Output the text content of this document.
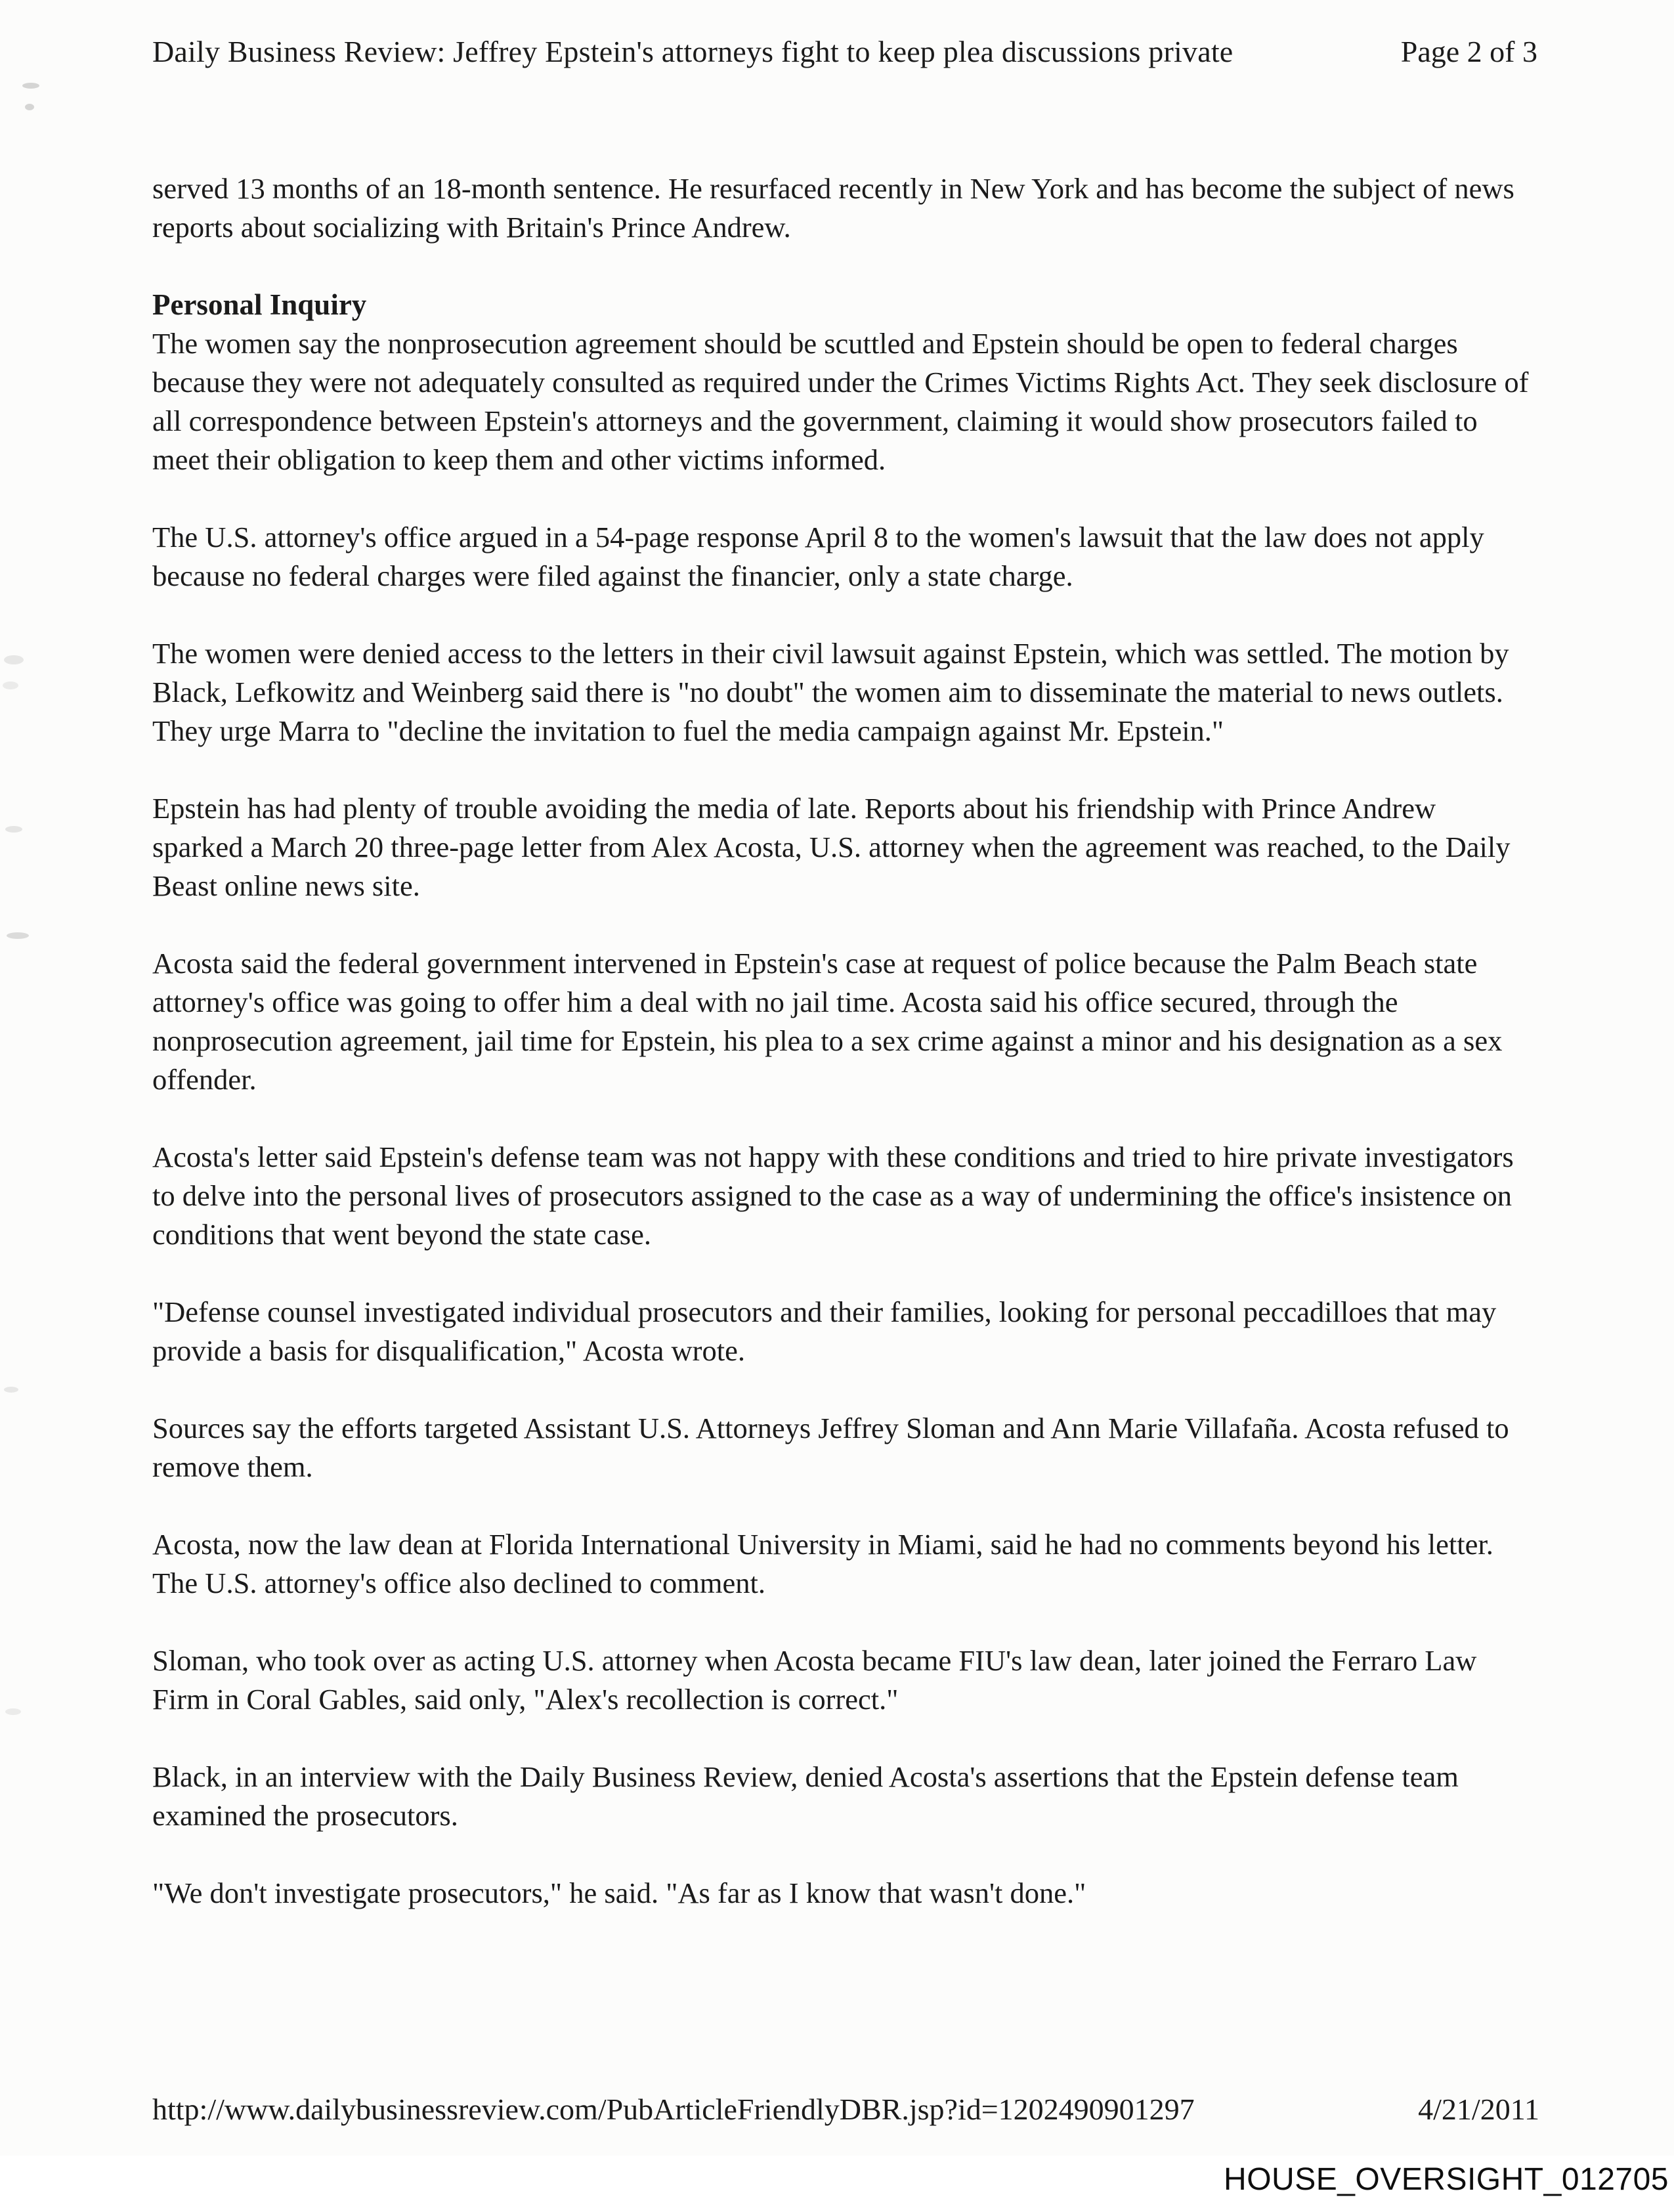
Daily Business Review: Jeffrey Epstein's attorneys fight to keep plea discussions private	Page 2 of 3

served 13 months of an 18-month sentence. He resurfaced recently in New York and has become the subject of news reports about socializing with Britain's Prince Andrew.

Personal Inquiry

The women say the nonprosecution agreement should be scuttled and Epstein should be open to federal charges because they were not adequately consulted as required under the Crimes Victims Rights Act. They seek disclosure of all correspondence between Epstein's attorneys and the government, claiming it would show prosecutors failed to meet their obligation to keep them and other victims informed.

The U.S. attorney's office argued in a 54-page response April 8 to the women's lawsuit that the law does not apply because no federal charges were filed against the financier, only a state charge.

The women were denied access to the letters in their civil lawsuit against Epstein, which was settled. The motion by Black, Lefkowitz and Weinberg said there is "no doubt" the women aim to disseminate the material to news outlets. They urge Marra to "decline the invitation to fuel the media campaign against Mr. Epstein."

Epstein has had plenty of trouble avoiding the media of late. Reports about his friendship with Prince Andrew sparked a March 20 three-page letter from Alex Acosta, U.S. attorney when the agreement was reached, to the Daily Beast online news site.

Acosta said the federal government intervened in Epstein's case at request of police because the Palm Beach state attorney's office was going to offer him a deal with no jail time. Acosta said his office secured, through the nonprosecution agreement, jail time for Epstein, his plea to a sex crime against a minor and his designation as a sex offender.

Acosta's letter said Epstein's defense team was not happy with these conditions and tried to hire private investigators to delve into the personal lives of prosecutors assigned to the case as a way of undermining the office's insistence on conditions that went beyond the state case.

"Defense counsel investigated individual prosecutors and their families, looking for personal peccadilloes that may provide a basis for disqualification," Acosta wrote.

Sources say the efforts targeted Assistant U.S. Attorneys Jeffrey Sloman and Ann Marie Villafaña. Acosta refused to remove them.

Acosta, now the law dean at Florida International University in Miami, said he had no comments beyond his letter. The U.S. attorney's office also declined to comment.

Sloman, who took over as acting U.S. attorney when Acosta became FIU's law dean, later joined the Ferraro Law Firm in Coral Gables, said only, "Alex's recollection is correct."

Black, in an interview with the Daily Business Review, denied Acosta's assertions that the Epstein defense team examined the prosecutors.

"We don't investigate prosecutors," he said. "As far as I know that wasn't done."

http://www.dailybusinessreview.com/PubArticleFriendlyDBR.jsp?id=1202490901297	4/21/2011
HOUSE_OVERSIGHT_012705
